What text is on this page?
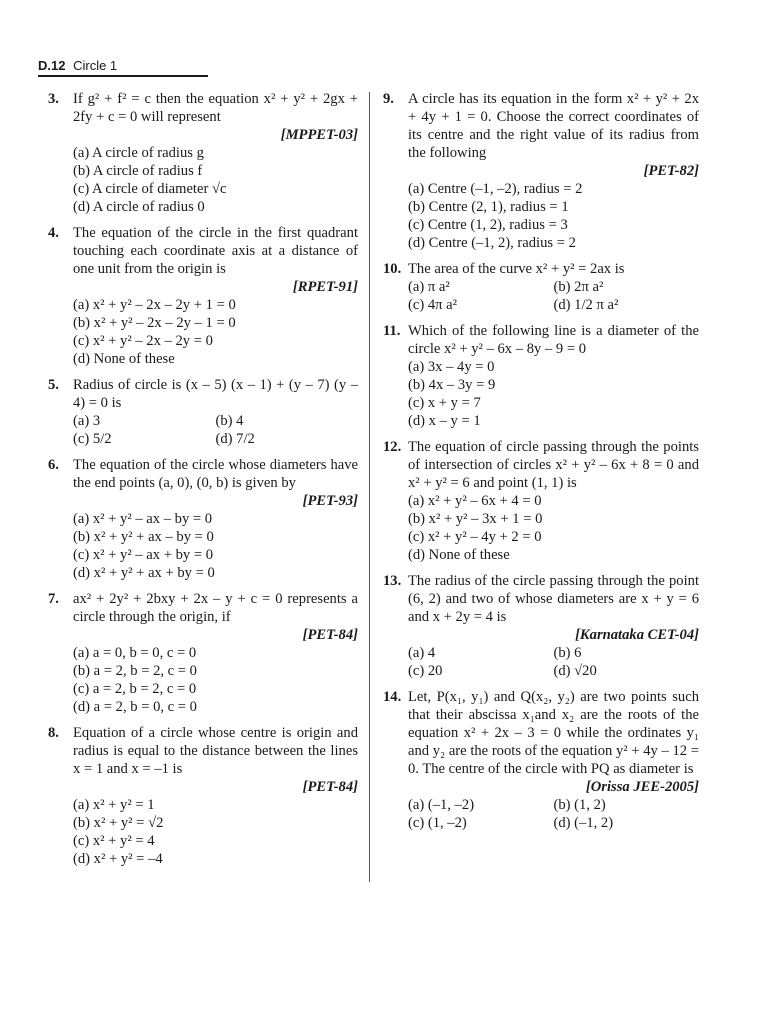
D.12 Circle 1
3. If g² + f² = c then the equation x² + y² + 2gx + 2fy + c = 0 will represent
[MPPET-03]
(a) A circle of radius g
(b) A circle of radius f
(c) A circle of diameter √c
(d) A circle of radius 0
4. The equation of the circle in the first quadrant touching each coordinate axis at a distance of one unit from the origin is
[RPET-91]
(a) x² + y² – 2x – 2y + 1 = 0
(b) x² + y² – 2x – 2y – 1 = 0
(c) x² + y² – 2x – 2y = 0
(d) None of these
5. Radius of circle is (x – 5) (x – 1) + (y – 7) (y – 4) = 0 is
(a) 3	(b) 4
(c) 5/2	(d) 7/2
6. The equation of the circle whose diameters have the end points (a, 0), (0, b) is given by
[PET-93]
(a) x² + y² – ax – by = 0
(b) x² + y² + ax – by = 0
(c) x² + y² – ax + by = 0
(d) x² + y² + ax + by = 0
7. ax² + 2y² + 2bxy + 2x – y + c = 0 represents a circle through the origin, if
[PET-84]
(a) a = 0, b = 0, c = 0
(b) a = 2, b = 2, c = 0
(c) a = 2, b = 2, c = 0
(d) a = 2, b = 0, c = 0
8. Equation of a circle whose centre is origin and radius is equal to the distance between the lines x = 1 and x = –1 is
[PET-84]
(a) x² + y² = 1
(b) x² + y² = √2
(c) x² + y² = 4
(d) x² + y² = –4
9. A circle has its equation in the form x² + y² + 2x + 4y + 1 = 0. Choose the correct coordinates of its centre and the right value of its radius from the following
[PET-82]
(a) Centre (–1, –2), radius = 2
(b) Centre (2, 1), radius = 1
(c) Centre (1, 2), radius = 3
(d) Centre (–1, 2), radius = 2
10. The area of the curve x² + y² = 2ax is
(a) π a²	(b) 2π a²
(c) 4π a²	(d) 1/2 π a²
11. Which of the following line is a diameter of the circle x² + y² – 6x – 8y – 9 = 0
(a) 3x – 4y = 0
(b) 4x – 3y = 9
(c) x + y = 7
(d) x – y = 1
12. The equation of circle passing through the points of intersection of circles x² + y² – 6x + 8 = 0 and x² + y² = 6 and point (1, 1) is
(a) x² + y² – 6x + 4 = 0
(b) x² + y² – 3x + 1 = 0
(c) x² + y² – 4y + 2 = 0
(d) None of these
13. The radius of the circle passing through the point (6, 2) and two of whose diameters are x + y = 6 and x + 2y = 4 is
[Karnataka CET-04]
(a) 4	(b) 6
(c) 20	(d) √20
14. Let, P(x₁, y₁) and Q(x₂, y₂) are two points such that their abscissa x₁and x₂ are the roots of the equation x² + 2x – 3 = 0 while the ordinates y₁ and y₂ are the roots of the equation y² + 4y – 12 = 0. The centre of the circle with PQ as diameter is
[Orissa JEE-2005]
(a) (–1, –2)	(b) (1, 2)
(c) (1, –2)	(d) (–1, 2)
